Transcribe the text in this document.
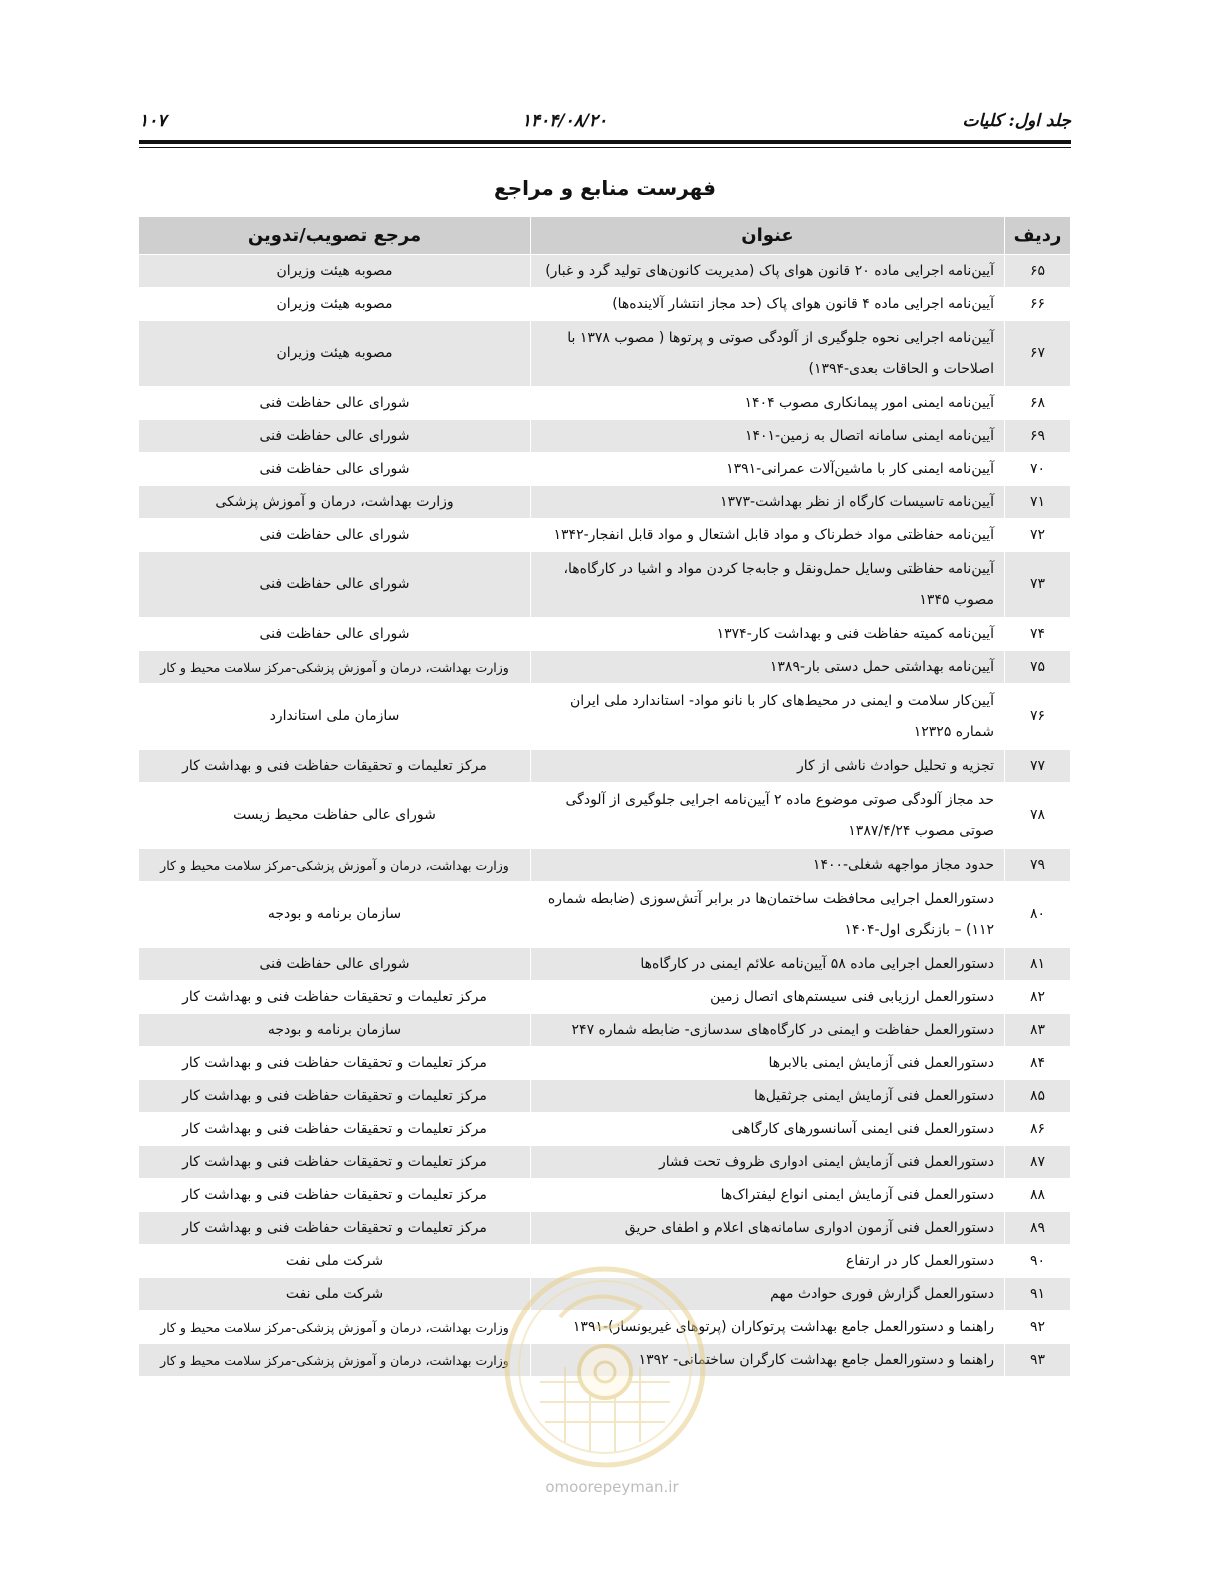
جلد اول: کلیات
۱۴۰۴/۰۸/۲۰
۱۰۷
فهرست منابع و مراجع
ردیف	عنوان	مرجع تصویب/تدوین
۶۵	آیین‌نامه اجرایی ماده ۲۰ قانون هوای پاک (مدیریت کانون‌های تولید گرد و غبار)	مصوبه هیئت وزیران
۶۶	آیین‌نامه اجرایی ماده ۴ قانون هوای پاک (حد مجاز انتشار آلاینده‌ها)	مصوبه هیئت وزیران
۶۷	آیین‌نامه اجرایی نحوه جلوگیری از آلودگی صوتی و پرتوها ( مصوب ۱۳۷۸ با اصلاحات و الحاقات بعدی-۱۳۹۴)	مصوبه هیئت وزیران
۶۸	آیین‌نامه ایمنی امور پیمانکاری مصوب ۱۴۰۴	شورای عالی حفاظت فنی
۶۹	آیین‌نامه ایمنی سامانه اتصال به زمین-۱۴۰۱	شورای عالی حفاظت فنی
۷۰	آیین‌نامه ایمنی کار با ماشین‌آلات عمرانی-۱۳۹۱	شورای عالی حفاظت فنی
۷۱	آیین‌نامه تاسیسات کارگاه از نظر بهداشت-۱۳۷۳	وزارت بهداشت، درمان و آموزش پزشکی
۷۲	آیین‌نامه حفاظتی مواد خطرناک و مواد قابل اشتعال و مواد قابل انفجار-۱۳۴۲	شورای عالی حفاظت فنی
۷۳	آیین‌نامه حفاظتی وسایل حمل‌ونقل و جابه‌جا کردن مواد و اشیا در کارگاه‌ها، مصوب ۱۳۴۵	شورای عالی حفاظت فنی
۷۴	آیین‌نامه کمیته حفاظت فنی و بهداشت کار-۱۳۷۴	شورای عالی حفاظت فنی
۷۵	آیین‌نامه بهداشتی حمل دستی بار-۱۳۸۹	وزارت بهداشت، درمان و آموزش پزشکی-مرکز سلامت محیط و کار
۷۶	آیین‌کار سلامت و ایمنی در محیط‌های کار با نانو مواد- استاندارد ملی ایران شماره ۱۲۳۲۵	سازمان ملی استاندارد
۷۷	تجزیه و تحلیل حوادث ناشی از کار	مرکز تعلیمات و تحقیقات حفاظت فنی و بهداشت کار
۷۸	حد مجاز آلودگی صوتی موضوع ماده ۲ آیین‌نامه اجرایی جلوگیری از آلودگی صوتی مصوب ۱۳۸۷/۴/۲۴	شورای عالی حفاظت محیط زیست
۷۹	حدود مجاز مواجهه شغلی-۱۴۰۰	وزارت بهداشت، درمان و آموزش پزشکی-مرکز سلامت محیط و کار
۸۰	دستورالعمل اجرایی محافظت ساختمان‌ها در برابر آتش‌سوزی (ضابطه شماره ۱۱۲) – بازنگری اول-۱۴۰۴	سازمان برنامه و بودجه
۸۱	دستورالعمل اجرایی ماده ۵۸ آیین‌نامه علائم ایمنی در کارگاه‌ها	شورای عالی حفاظت فنی
۸۲	دستورالعمل ارزیابی فنی سیستم‌های اتصال زمین	مرکز تعلیمات و تحقیقات حفاظت فنی و بهداشت کار
۸۳	دستورالعمل حفاظت و ایمنی در کارگاه‌های سدسازی- ضابطه شماره ۲۴۷	سازمان برنامه و بودجه
۸۴	دستورالعمل فنی آزمایش ایمنی بالابرها	مرکز تعلیمات و تحقیقات حفاظت فنی و بهداشت کار
۸۵	دستورالعمل فنی آزمایش ایمنی جرثقیل‌ها	مرکز تعلیمات و تحقیقات حفاظت فنی و بهداشت کار
۸۶	دستورالعمل فنی ایمنی آسانسورهای کارگاهی	مرکز تعلیمات و تحقیقات حفاظت فنی و بهداشت کار
۸۷	دستورالعمل فنی آزمایش ایمنی ادواری ظروف تحت فشار	مرکز تعلیمات و تحقیقات حفاظت فنی و بهداشت کار
۸۸	دستورالعمل فنی آزمایش ایمنی انواع لیفتراک‌ها	مرکز تعلیمات و تحقیقات حفاظت فنی و بهداشت کار
۸۹	دستورالعمل فنی آزمون ادواری سامانه‌های اعلام و اطفای حریق	مرکز تعلیمات و تحقیقات حفاظت فنی و بهداشت کار
۹۰	دستورالعمل کار در ارتفاع	شرکت ملی نفت
۹۱	دستورالعمل گزارش فوری حوادث مهم	شرکت ملی نفت
۹۲	راهنما و دستورالعمل جامع بهداشت پرتوکاران (پرتوهای غیریونساز)-۱۳۹۱	وزارت بهداشت، درمان و آموزش پزشکی-مرکز سلامت محیط و کار
۹۳	راهنما و دستورالعمل جامع بهداشت کارگران ساختمانی- ۱۳۹۲	وزارت بهداشت، درمان و آموزش پزشکی-مرکز سلامت محیط و کار
omoorepeyman.ir
